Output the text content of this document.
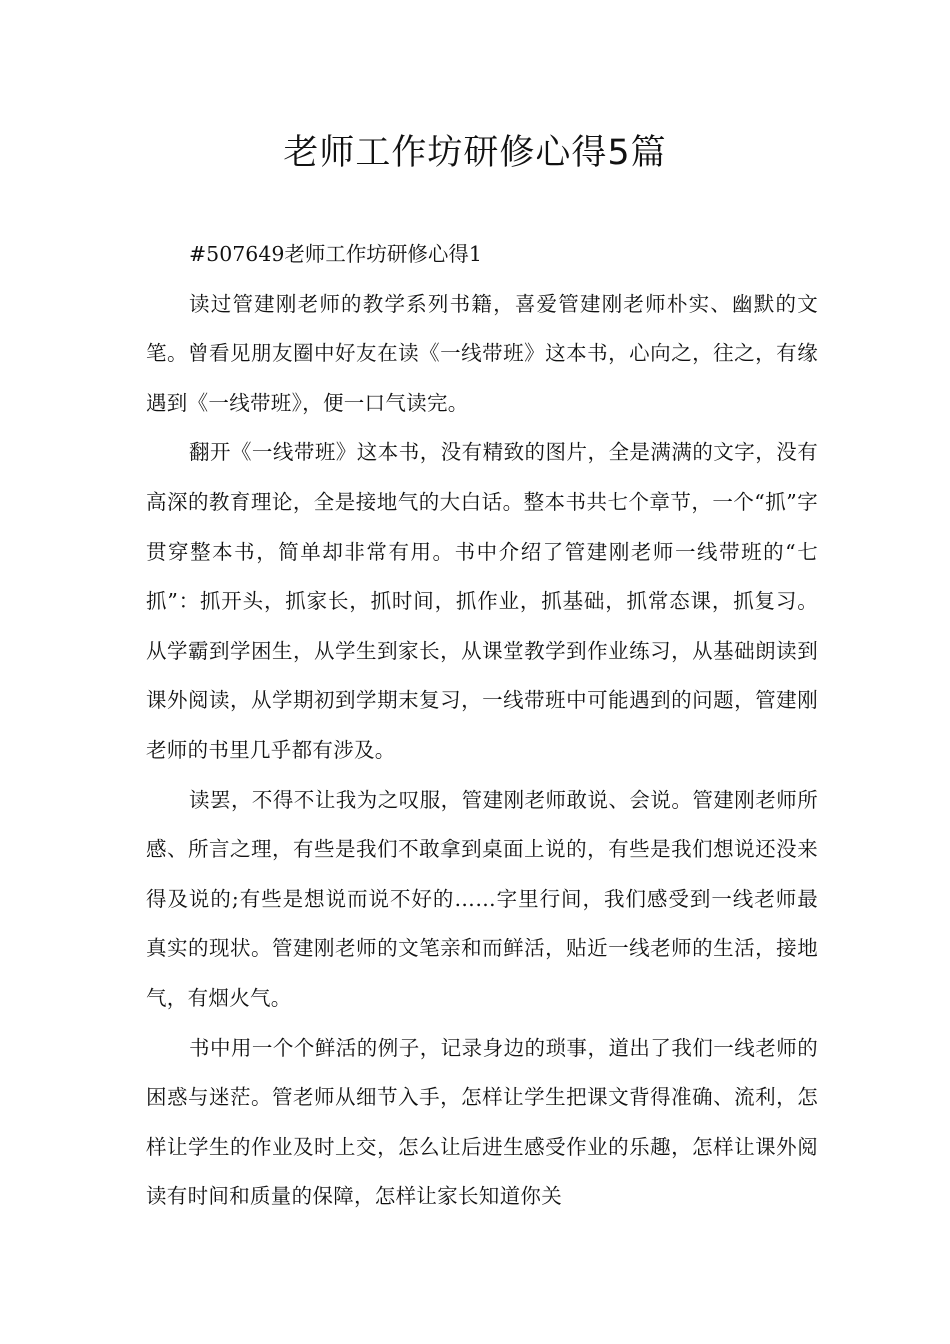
老师工作坊研修心得5篇

#507649老师工作坊研修心得1

读过管建刚老师的教学系列书籍，喜爱管建刚老师朴实、幽默的文笔。曾看见朋友圈中好友在读《一线带班》这本书，心向之，往之，有缘遇到《一线带班》，便一口气读完。

翻开《一线带班》这本书，没有精致的图片，全是满满的文字，没有高深的教育理论，全是接地气的大白话。整本书共七个章节，一个“抓”字贯穿整本书，简单却非常有用。书中介绍了管建刚老师一线带班的“七抓”：抓开头，抓家长，抓时间，抓作业，抓基础，抓常态课，抓复习。从学霸到学困生，从学生到家长，从课堂教学到作业练习，从基础朗读到课外阅读，从学期初到学期末复习，一线带班中可能遇到的问题，管建刚老师的书里几乎都有涉及。

读罢，不得不让我为之叹服，管建刚老师敢说、会说。管建刚老师所感、所言之理，有些是我们不敢拿到桌面上说的，有些是我们想说还没来得及说的;有些是想说而说不好的……字里行间，我们感受到一线老师最真实的现状。管建刚老师的文笔亲和而鲜活，贴近一线老师的生活，接地气，有烟火气。

书中用一个个鲜活的例子，记录身边的琐事，道出了我们一线老师的困惑与迷茫。管老师从细节入手，怎样让学生把课文背得准确、流利，怎样让学生的作业及时上交，怎么让后进生感受作业的乐趣，怎样让课外阅读有时间和质量的保障，怎样让家长知道你关
